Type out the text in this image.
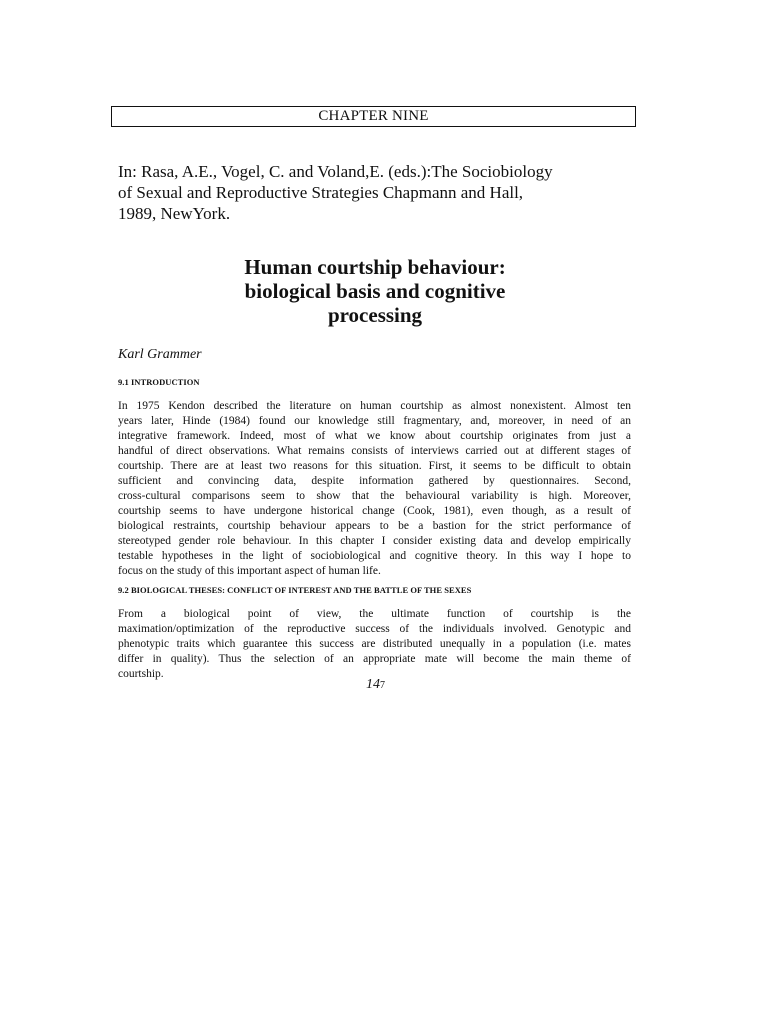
CHAPTER NINE
In: Rasa, A.E., Vogel, C. and Voland,E. (eds.):The Sociobiology
of Sexual and Reproductive Strategies Chapmann and Hall,
1989, NewYork.
Human courtship behaviour:
biological basis and cognitive
processing
Karl Grammer
9.1 INTRODUCTION
In 1975 Kendon described the literature on human courtship as almost nonexistent. Almost ten
years later, Hinde (1984) found our knowledge still fragmentary, and, moreover, in need of an
integrative framework. Indeed, most of what we know about courtship originates from just a
handful of direct observations. What remains consists of interviews carried out at different stages of
courtship. There are at least two reasons for this situation. First, it seems to be difficult to obtain
sufficient and convincing data, despite information gathered by questionnaires. Second,
cross-cultural comparisons seem to show that the behavioural variability is high. Moreover,
courtship seems to have undergone historical change (Cook, 1981), even though, as a result of
biological restraints, courtship behaviour appears to be a bastion for the strict performance of
stereotyped gender role behaviour. In this chapter I consider existing data and develop empirically
testable hypotheses in the light of sociobiological and cognitive theory. In this way I hope to
focus on the study of this important aspect of human life.
9.2 BIOLOGICAL THESES: CONFLICT OF INTEREST AND THE BATTLE OF THE SEXES
From a biological point of view, the ultimate function of courtship is the
maximation/optimization of the reproductive success of the individuals involved. Genotypic and
phenotypic traits which guarantee this success are distributed unequally in a population (i.e. mates
differ in quality). Thus the selection of an appropriate mate will become the main theme of
courtship.
147
